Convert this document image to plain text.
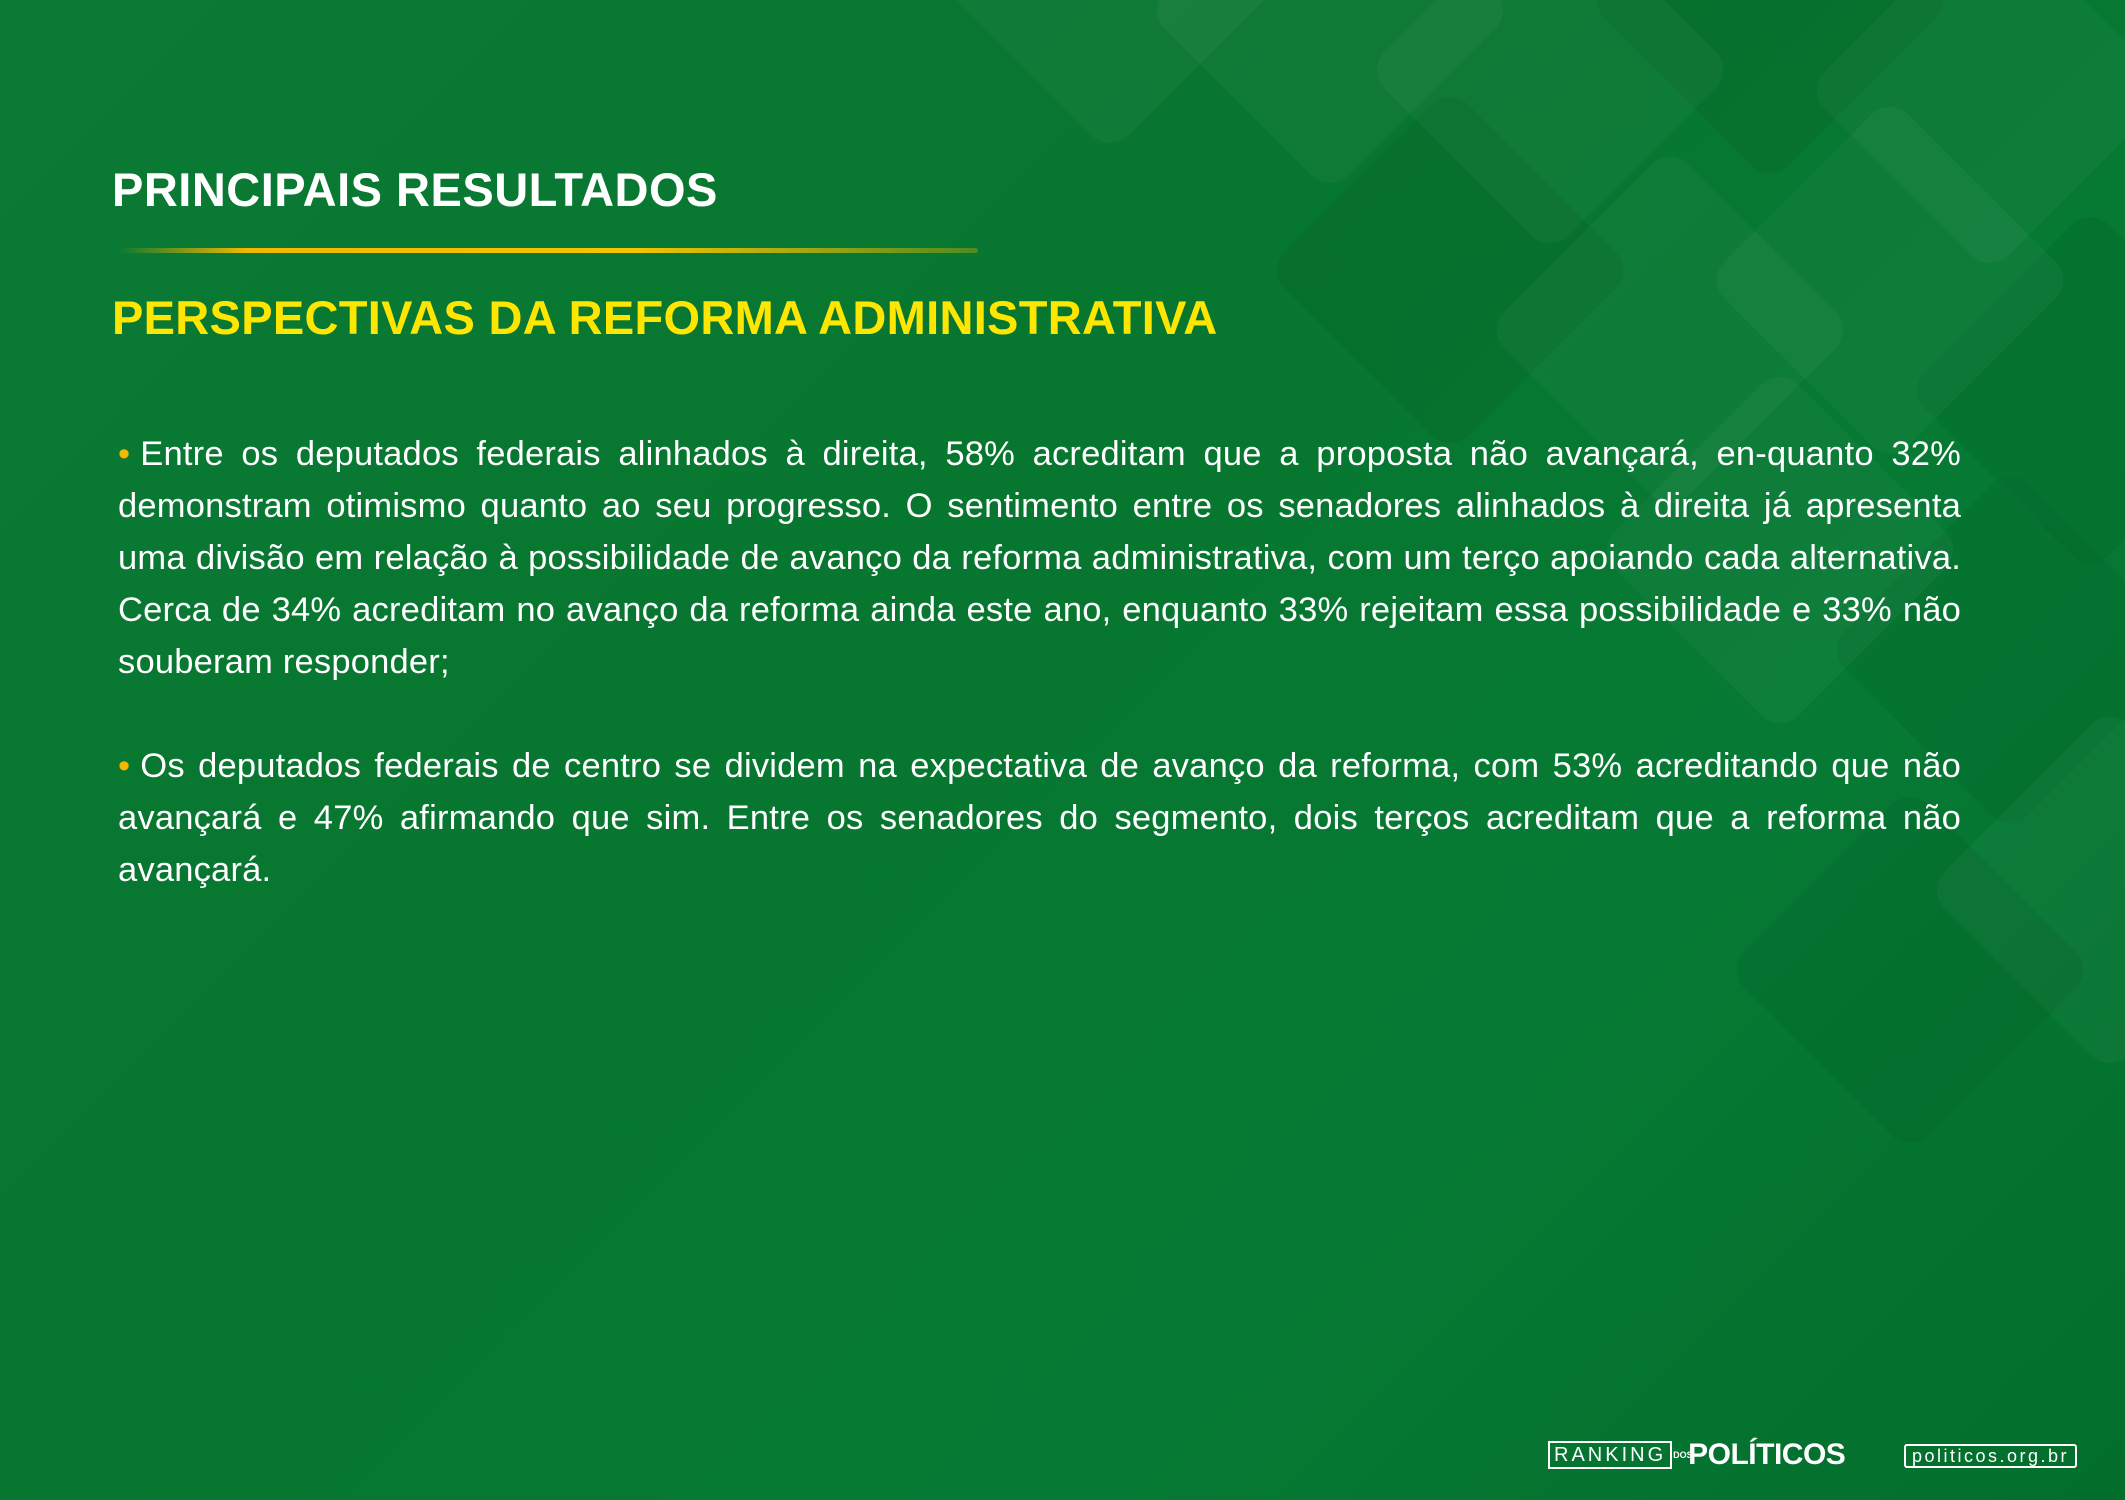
PRINCIPAIS RESULTADOS
PERSPECTIVAS DA REFORMA ADMINISTRATIVA

• Entre os deputados federais alinhados à direita, 58% acreditam que a proposta não avançará, en-quanto 32% demonstram otimismo quanto ao seu progresso. O sentimento entre os senadores alinhados à direita já apresenta uma divisão em relação à possibilidade de avanço da reforma administrativa, com um terço apoiando cada alternativa. Cerca de 34% acreditam no avanço da reforma ainda este ano, enquanto 33% rejeitam essa possibilidade e 33% não souberam responder;

• Os deputados federais de centro se dividem na expectativa de avanço da reforma, com 53% acreditando que não avançará e 47% afirmando que sim. Entre os senadores do segmento, dois terços acreditam que a reforma não avançará.

RANKING DOS
POLÍTICOS	politicos.org.br
